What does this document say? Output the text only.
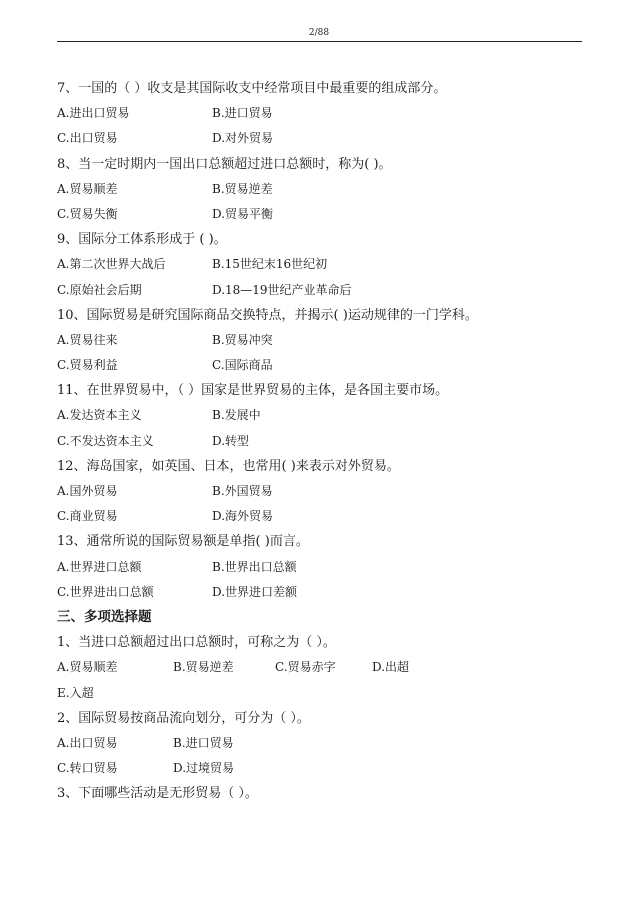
2/88
7、一国的（ ）收支是其国际收支中经常项目中最重要的组成部分。
A.进出口贸易	B.进口贸易
C.出口贸易	D.对外贸易
8、当一定时期内一国出口总额超过进口总额时，称为( )。
A.贸易顺差	B.贸易逆差
C.贸易失衡	D.贸易平衡
9、国际分工体系形成于 ( )。
A.第二次世界大战后	B.15世纪末16世纪初
C.原始社会后期	D.18—19世纪产业革命后
10、国际贸易是研究国际商品交换特点，并揭示( )运动规律的一门学科。
A.贸易往来	B.贸易冲突
C.贸易利益	C.国际商品
11、在世界贸易中，（ ）国家是世界贸易的主体，是各国主要市场。
A.发达资本主义	B.发展中
C.不发达资本主义	D.转型
12、海岛国家，如英国、日本，也常用( )来表示对外贸易。
A.国外贸易	B.外国贸易
C.商业贸易	D.海外贸易
13、通常所说的国际贸易额是单指( )而言。
A.世界进口总额	B.世界出口总额
C.世界进出口总额	D.世界进口差额
三、多项选择题
1、当进口总额超过出口总额时，可称之为（ ）。
A.贸易顺差	B.贸易逆差	C.贸易赤字	D.出超
E.入超
2、国际贸易按商品流向划分，可分为（ ）。
A.出口贸易	B.进口贸易
C.转口贸易	D.过境贸易
3、下面哪些活动是无形贸易（ ）。
